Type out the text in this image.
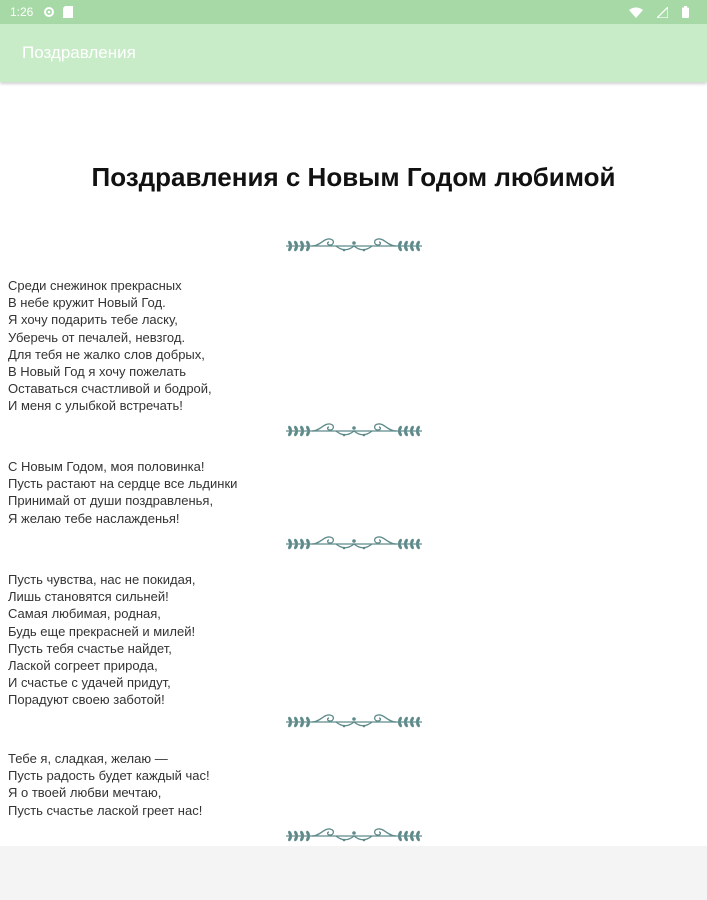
1:26
Поздравления
Поздравления с Новым Годом любимой
Среди снежинок прекрасных
В небе кружит Новый Год.
Я хочу подарить тебе ласку,
Уберечь от печалей, невзгод.
Для тебя не жалко слов добрых,
В Новый Год я хочу пожелать
Оставаться счастливой и бодрой,
И меня с улыбкой встречать!
С Новым Годом, моя половинка!
Пусть растают на сердце все льдинки
Принимай от души поздравленья,
Я желаю тебе наслажденья!
Пусть чувства, нас не покидая,
Лишь становятся сильней!
Самая любимая, родная,
Будь еще прекрасней и милей!
Пусть тебя счастье найдет,
Лаской согреет природа,
И счастье с удачей придут,
Порадуют своею заботой!
Тебе я, сладкая, желаю —
Пусть радость будет каждый час!
Я о твоей любви мечтаю,
Пусть счастье лаской греет нас!
